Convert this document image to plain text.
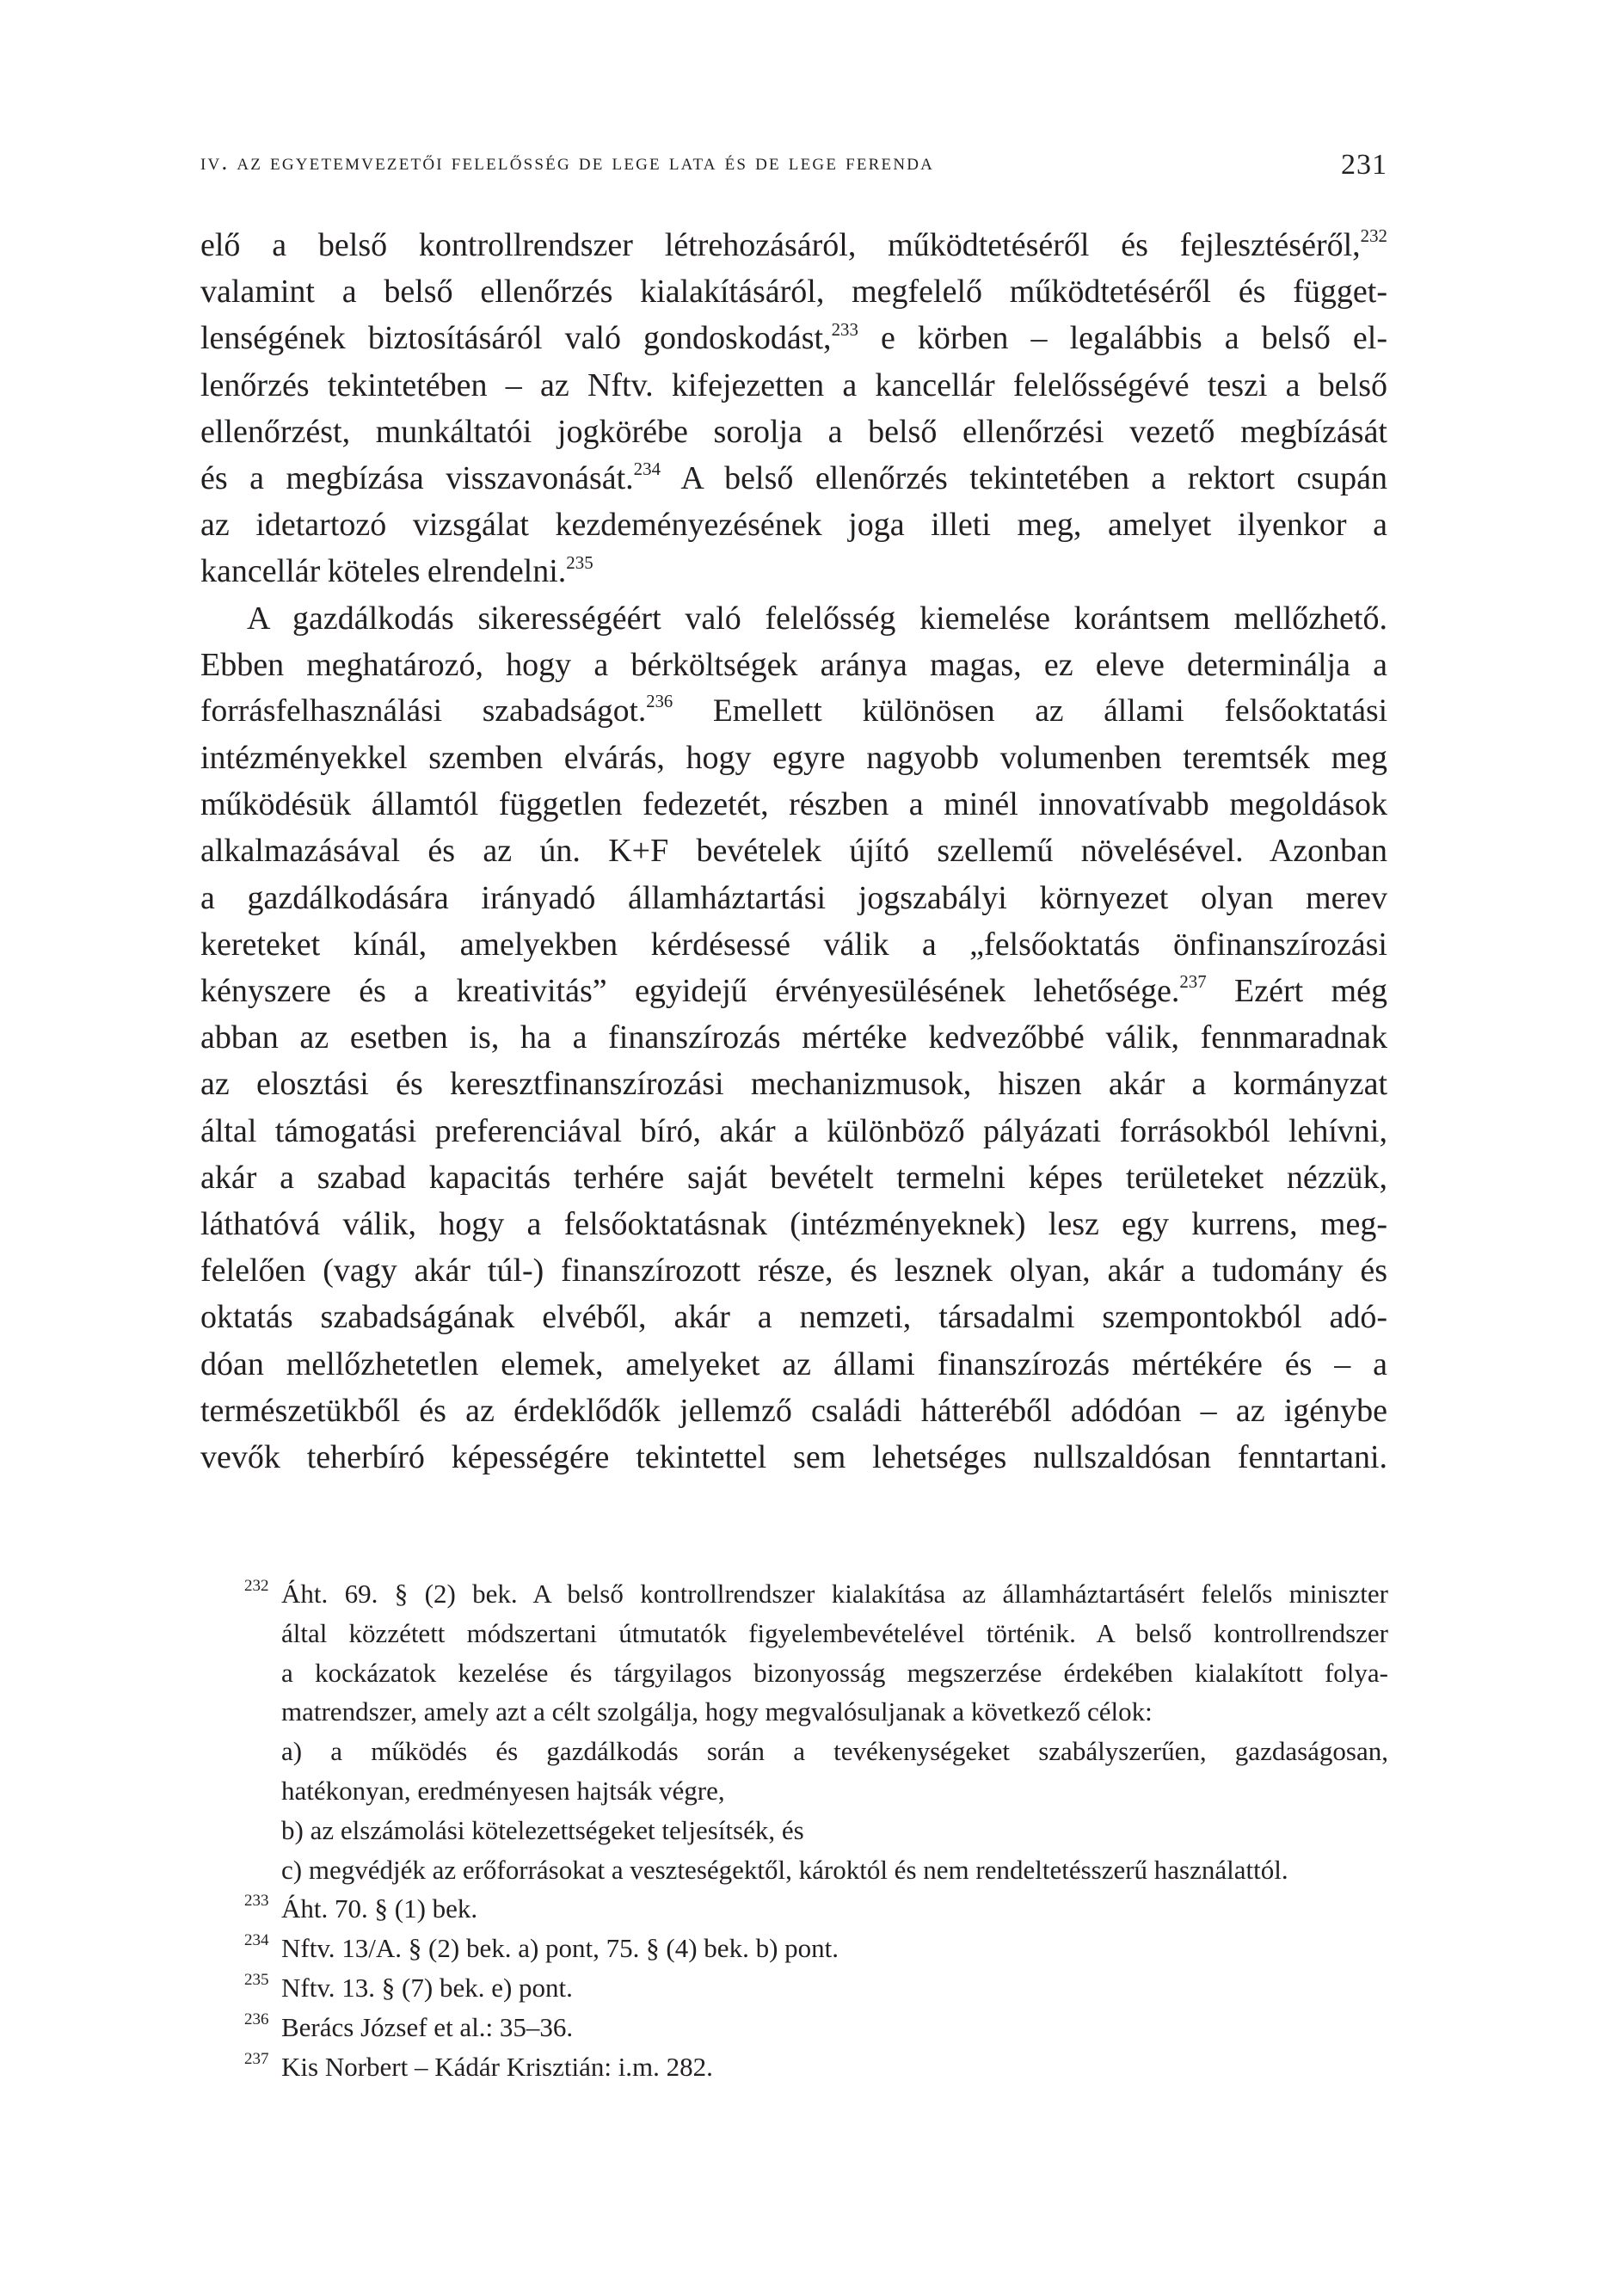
iv. az egyetemvezetői felelősség de lege lata és de lege ferenda	231
elő a belső kontrollrendszer létrehozásáról, működtetéséről és fejlesztéséről,$^{232}$
valamint a belső ellenőrzés kialakításáról, megfelelő működtetéséről és függet-
lenségének biztosításáról való gondoskodást,$^{233}$ e körben – legalábbis a belső el-
lenőrzés tekintetében – az Nftv. kifejezetten a kancellár felelősségévé teszi a belső
ellenőrzést, munkáltatói jogkörébe sorolja a belső ellenőrzési vezető megbízását
és a megbízása visszavonását.$^{234}$ A belső ellenőrzés tekintetében a rektort csupán
az idetartozó vizsgálat kezdeményezésének joga illeti meg, amelyet ilyenkor a
kancellár köteles elrendelni.$^{235}$
A gazdálkodás sikerességéért való felelősség kiemelése korántsem mellőzhető.
Ebben meghatározó, hogy a bérköltségek aránya magas, ez eleve determinálja a
forrásfelhasználási szabadságot.$^{236}$ Emellett különösen az állami felsőoktatási
intézményekkel szemben elvárás, hogy egyre nagyobb volumenben teremtsék meg
működésük államtól független fedezetét, részben a minél innovatívabb megoldások
alkalmazásával és az ún. K+F bevételek újító szellemű növelésével. Azonban
a gazdálkodására irányadó államháztartási jogszabályi környezet olyan merev
kereteket kínál, amelyekben kérdésessé válik a „felsőoktatás önfinanszírozási
kényszere és a kreativitás” egyidejű érvényesülésének lehetősége.$^{237}$ Ezért még
abban az esetben is, ha a finanszírozás mértéke kedvezőbbé válik, fennmaradnak
az elosztási és keresztfinanszírozási mechanizmusok, hiszen akár a kormányzat
által támogatási preferenciával bíró, akár a különböző pályázati forrásokból lehívni,
akár a szabad kapacitás terhére saját bevételt termelni képes területeket nézzük,
láthatóvá válik, hogy a felsőoktatásnak (intézményeknek) lesz egy kurrens, meg-
felelően (vagy akár túl-) finanszírozott része, és lesznek olyan, akár a tudomány és
oktatás szabadságának elvéből, akár a nemzeti, társadalmi szempontokból adó-
dóan mellőzhetetlen elemek, amelyeket az állami finanszírozás mértékére és – a
természetükből és az érdeklődők jellemző családi hátteréből adódóan – az igénybe
vevők teherbíró képességére tekintettel sem lehetséges nullszaldósan fenntartani.
232 Áht. 69. § (2) bek. A belső kontrollrendszer kialakítása az államháztartásért felelős miniszter
által közzétett módszertani útmutatók figyelembevételével történik. A belső kontrollrendszer
a kockázatok kezelése és tárgyilagos bizonyosság megszerzése érdekében kialakított folya-
matrendszer, amely azt a célt szolgálja, hogy megvalósuljanak a következő célok:
a) a működés és gazdálkodás során a tevékenységeket szabályszerűen, gazdaságosan,
hatékonyan, eredményesen hajtsák végre,
b) az elszámolási kötelezettségeket teljesítsék, és
c) megvédjék az erőforrásokat a veszteségektől, károktól és nem rendeltetésszerű használattól.
233 Áht. 70. § (1) bek.
234 Nftv. 13/A. § (2) bek. a) pont, 75. § (4) bek. b) pont.
235 Nftv. 13. § (7) bek. e) pont.
236 Berács József et al.: 35–36.
237 Kis Norbert – Kádár Krisztián: i.m. 282.
